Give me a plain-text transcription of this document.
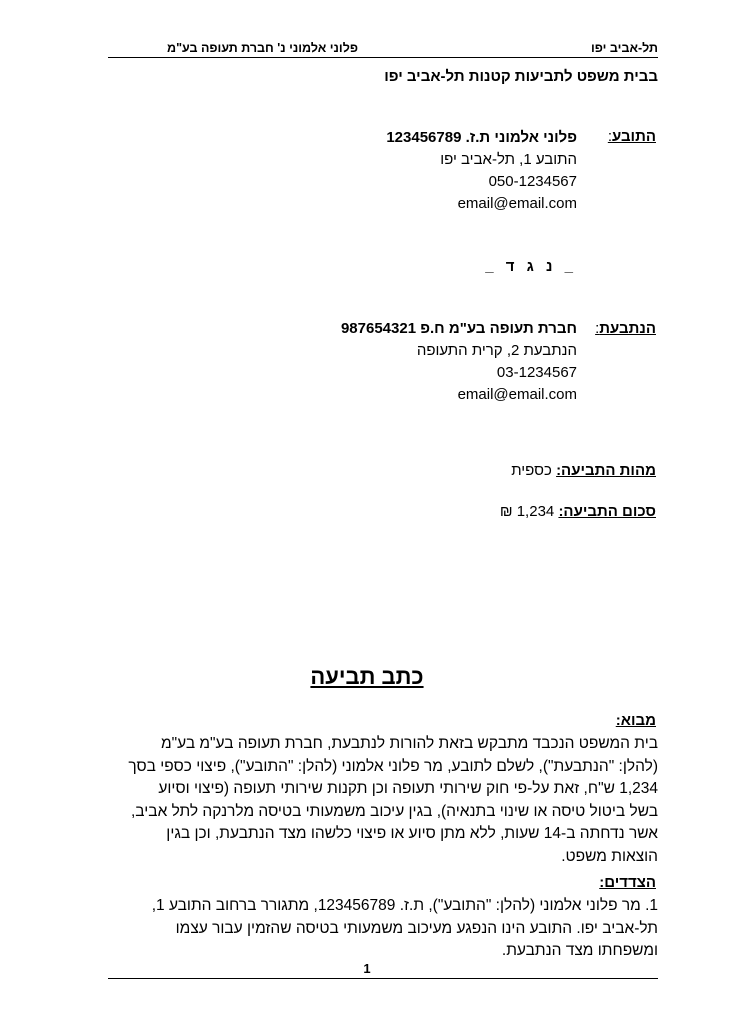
תל-אביב יפו
פלוני אלמוני נ' חברת תעופה בע"מ
בבית משפט לתביעות קטנות תל-אביב יפו
התובע:
פלוני אלמוני ת.ז. 123456789
התובע 1, תל-אביב יפו
050-1234567
email@email.com
_ נ ג ד _
הנתבעת:
חברת תעופה בע"מ ח.פ 987654321
הנתבעת 2, קרית התעופה
03-1234567
email@email.com
מהות התביעה: כספית
סכום התביעה: 1,234 ₪
כתב תביעה
מבוא:
בית המשפט הנכבד מתבקש בזאת להורות לנתבעת, חברת תעופה בע"מ בע"מ
(להלן: "הנתבעת"), לשלם לתובע, מר פלוני אלמוני (להלן: "התובע"), פיצוי כספי בסך
1,234 ש"ח, זאת על-פי חוק שירותי תעופה וכן תקנות שירותי תעופה (פיצוי וסיוע
בשל ביטול טיסה או שינוי בתנאיה), בגין עיכוב משמעותי בטיסה מלרנקה לתל אביב,
אשר נדחתה ב-14 שעות, ללא מתן סיוע או פיצוי כלשהו מצד הנתבעת, וכן בגין
הוצאות משפט.
הצדדים:
1. מר פלוני אלמוני (להלן: "התובע"), ת.ז. 123456789, מתגורר ברחוב התובע 1,
תל-אביב יפו. התובע הינו הנפגע מעיכוב משמעותי בטיסה שהזמין עבור עצמו
ומשפחתו מצד הנתבעת.
1
